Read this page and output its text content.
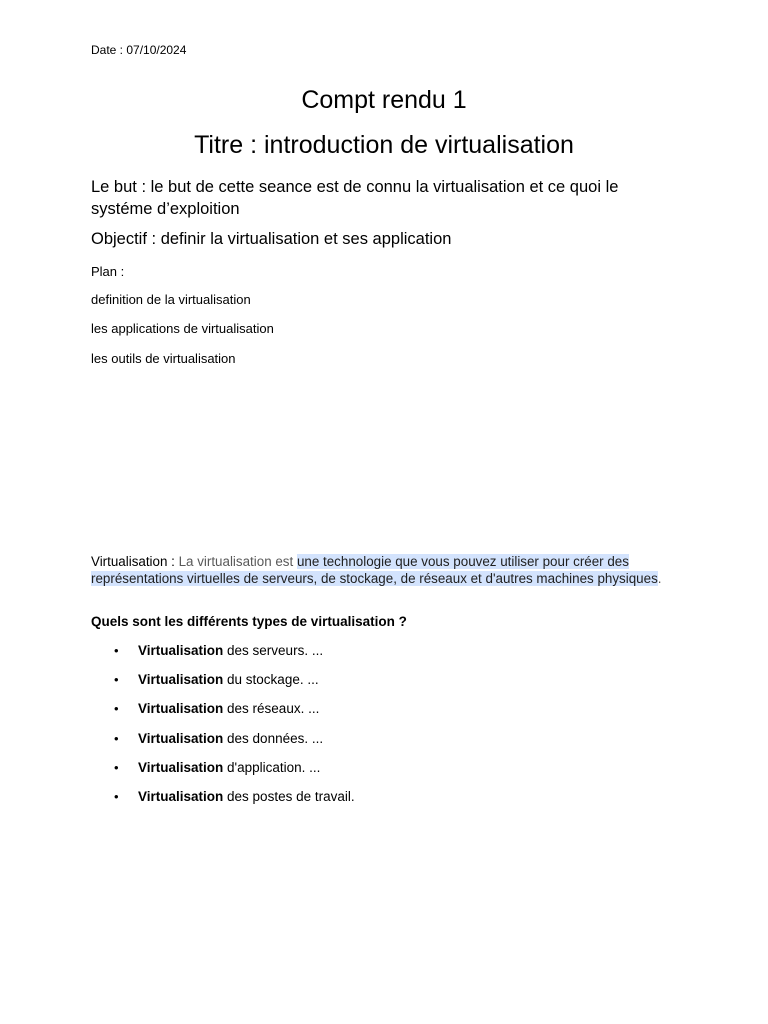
Date : 07/10/2024
Compt rendu 1
Titre : introduction de virtualisation
Le but : le but de cette seance est de connu la virtualisation et ce quoi le systéme d’exploition
Objectif : definir la virtualisation et ses application
Plan :
definition de la virtualisation
les applications de virtualisation
les outils de virtualisation
Virtualisation : La virtualisation est une technologie que vous pouvez utiliser pour créer des représentations virtuelles de serveurs, de stockage, de réseaux et d'autres machines physiques.
Quels sont les différents types de virtualisation ?
• Virtualisation des serveurs. ...
• Virtualisation du stockage. ...
• Virtualisation des réseaux. ...
• Virtualisation des données. ...
• Virtualisation d'application. ...
• Virtualisation des postes de travail.
